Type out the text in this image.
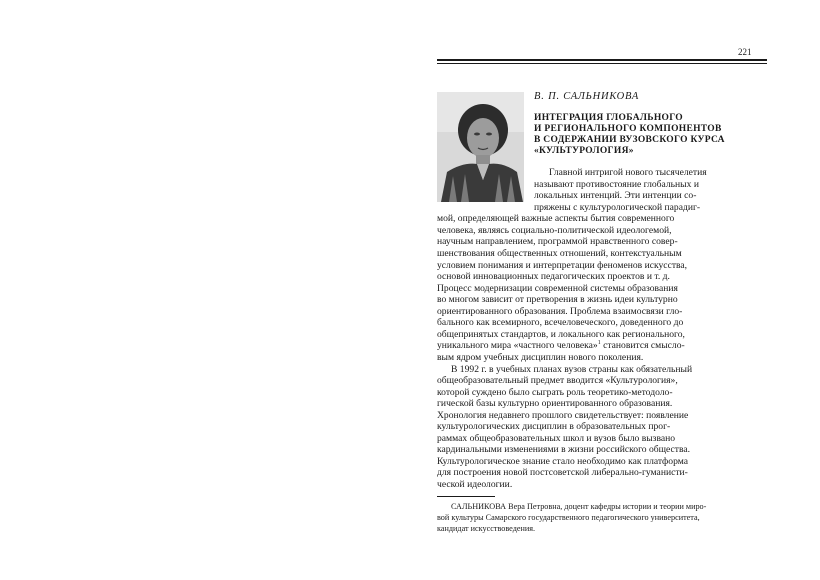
221
В. П. САЛЬНИКОВА
ИНТЕГРАЦИЯ ГЛОБАЛЬНОГО
И РЕГИОНАЛЬНОГО КОМПОНЕНТОВ
В СОДЕРЖАНИИ ВУЗОВСКОГО КУРСА
«КУЛЬТУРОЛОГИЯ»
Главной интригой нового тысячелетия
называют противостояние глобальных и
локальных интенций. Эти интенции со-
пряжены с культурологической парадиг-
мой, определяющей важные аспекты бытия современного
человека, являясь социально-политической идеологемой,
научным направлением, программой нравственного совер-
шенствования общественных отношений, контекстуальным
условием понимания и интерпретации феноменов искусства,
основой инновационных педагогических проектов и т. д.
Процесс модернизации современной системы образования
во многом зависит от претворения в жизнь идеи культурно
ориентированного образования. Проблема взаимосвязи гло-
бального как всемирного, всечеловеческого, доведенного до
общепринятых стандартов, и локального как регионального,
уникального мира «частного человека»$^1$ становится смысло-
вым ядром учебных дисциплин нового поколения.
В 1992 г. в учебных планах вузов страны как обязательный
общеобразовательный предмет вводится «Культурология»,
которой суждено было сыграть роль теоретико-методоло-
гической базы культурно ориентированного образования.
Хронология недавнего прошлого свидетельствует: появление
культурологических дисциплин в образовательных прог-
раммах общеобразовательных школ и вузов было вызвано
кардинальными изменениями в жизни российского общества.
Культурологическое знание стало необходимо как платформа
для построения новой постсоветской либерально-гуманисти-
ческой идеологии.
САЛЬНИКОВА Вера Петровна, доцент кафедры истории и теории миро-
вой культуры Самарского государственного педагогического университета,
кандидат искусствоведения.
